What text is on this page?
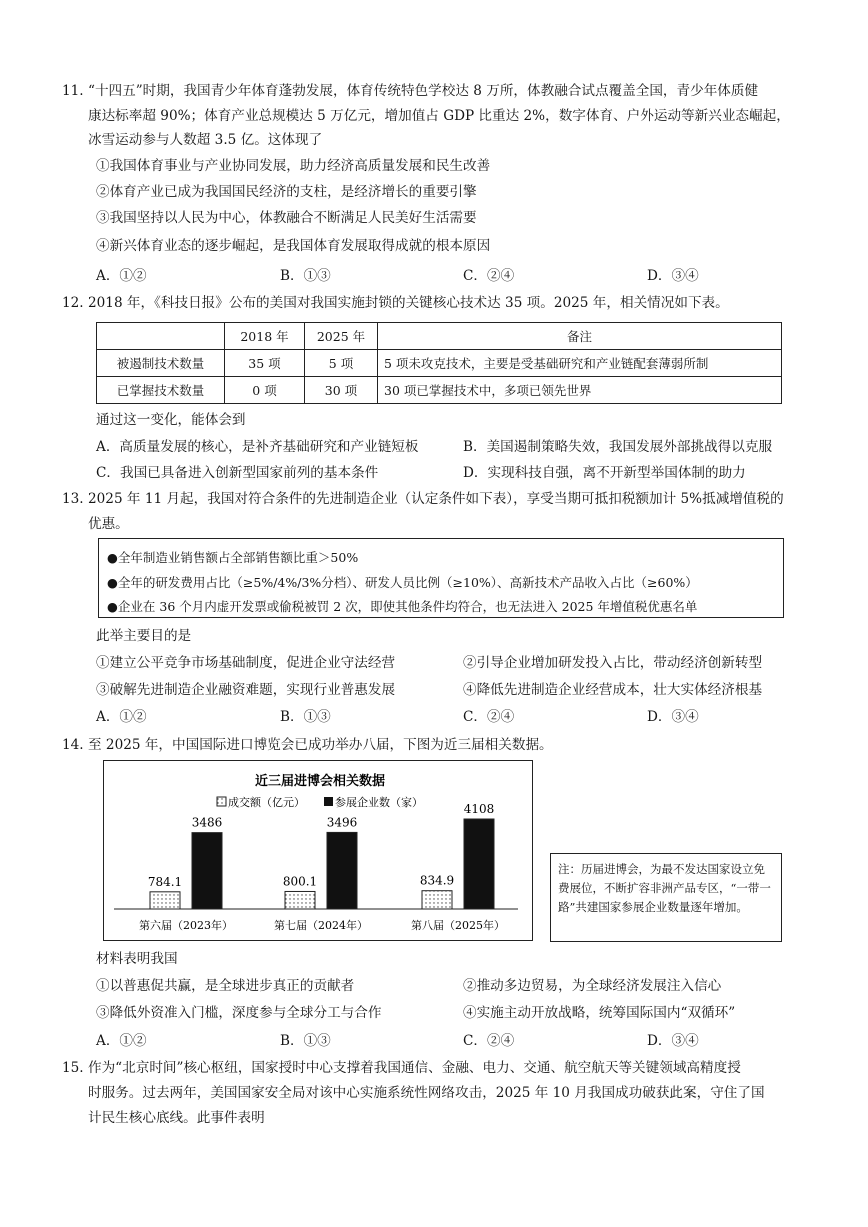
11. “十四五”时期，我国青少年体育蓬勃发展，体育传统特色学校达 8 万所，体教融合试点覆盖全国，青少年体质健
康达标率超 90%；体育产业总规模达 5 万亿元，增加值占 GDP 比重达 2%，数字体育、户外运动等新兴业态崛起，
冰雪运动参与人数超 3.5 亿。这体现了
①我国体育事业与产业协同发展，助力经济高质量发展和民生改善
②体育产业已成为我国国民经济的支柱，是经济增长的重要引擎
③我国坚持以人民为中心，体教融合不断满足人民美好生活需要
④新兴体育业态的逐步崛起，是我国体育发展取得成就的根本原因
A．①②	B．①③	C．②④	D．③④
12. 2018 年，《科技日报》公布的美国对我国实施封锁的关键核心技术达 35 项。2025 年，相关情况如下表。
	2018 年	2025 年	备注
被遏制技术数量	35 项	5 项	5 项未攻克技术，主要是受基础研究和产业链配套薄弱所制
已掌握技术数量	0 项	30 项	30 项已掌握技术中，多项已领先世界
通过这一变化，能体会到
A．高质量发展的核心，是补齐基础研究和产业链短板	B．美国遏制策略失效，我国发展外部挑战得以克服
C．我国已具备进入创新型国家前列的基本条件	D．实现科技自强，离不开新型举国体制的助力
13. 2025 年 11 月起，我国对符合条件的先进制造企业（认定条件如下表），享受当期可抵扣税额加计 5%抵减增值税的
优惠。
●全年制造业销售额占全部销售额比重＞50%
●全年的研发费用占比（≥5%/4%/3%分档）、研发人员比例（≥10%）、高新技术产品收入占比（≥60%）
●企业在 36 个月内虚开发票或偷税被罚 2 次，即使其他条件均符合，也无法进入 2025 年增值税优惠名单
此举主要目的是
①建立公平竞争市场基础制度，促进企业守法经营	②引导企业增加研发投入占比，带动经济创新转型
③破解先进制造企业融资难题，实现行业普惠发展	④降低先进制造企业经营成本，壮大实体经济根基
A．①②	B．①③	C．②④	D．③④
14. 至 2025 年，中国国际进口博览会已成功举办八届，下图为近三届相关数据。
近三届进博会相关数据
成交额（亿元）	参展企业数（家）
784.1
3486
第六届（2023年）
800.1
3496
第七届（2024年）
834.9
4108
第八届（2025年）
注：历届进博会，为最不发达国家设立免费展位，不断扩容非洲产品专区，“一带一路”共建国家参展企业数量逐年增加。
材料表明我国
①以普惠促共赢，是全球进步真正的贡献者	②推动多边贸易，为全球经济发展注入信心
③降低外资准入门槛，深度参与全球分工与合作	④实施主动开放战略，统筹国际国内“双循环”
A．①②	B．①③	C．②④	D．③④
15. 作为“北京时间”核心枢纽，国家授时中心支撑着我国通信、金融、电力、交通、航空航天等关键领域高精度授
时服务。过去两年，美国国家安全局对该中心实施系统性网络攻击，2025 年 10 月我国成功破获此案，守住了国
计民生核心底线。此事件表明
